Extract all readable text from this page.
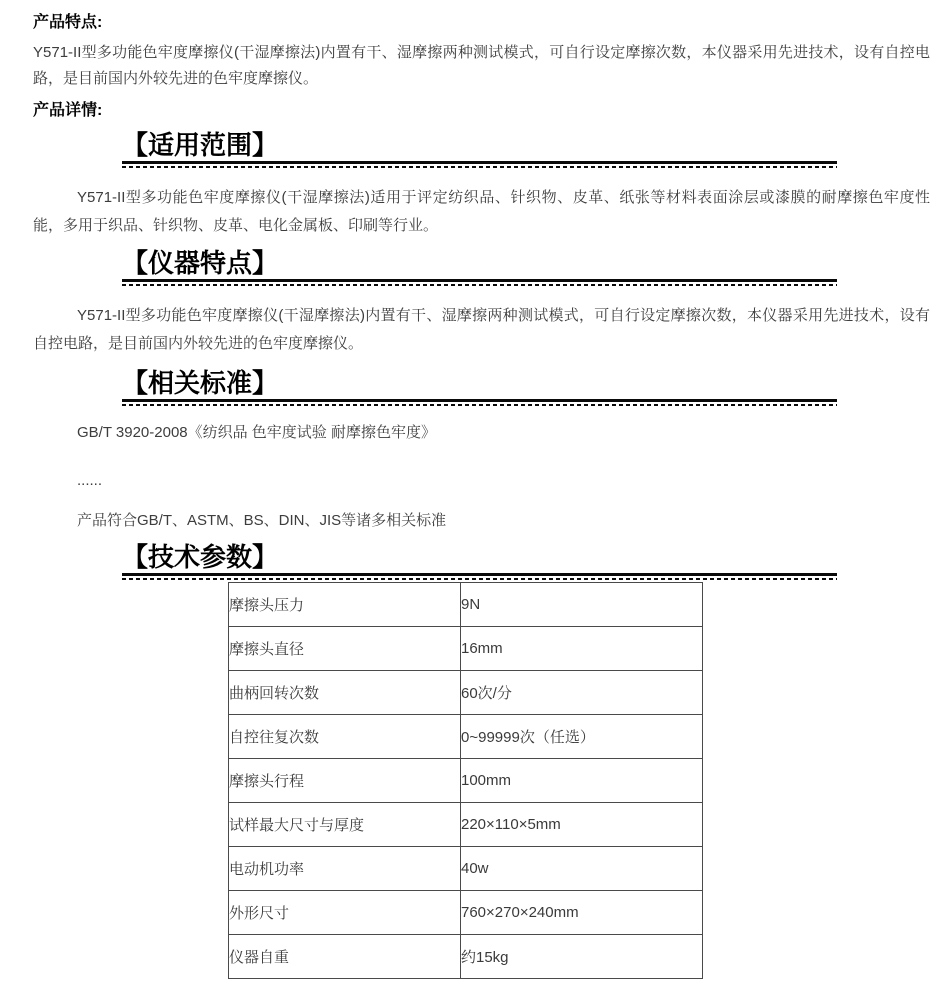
产品特点:

Y571-II型多功能色牢度摩擦仪(干湿摩擦法)内置有干、湿摩擦两种测试模式，可自行设定摩擦次数，本仪器采用先进技术，设有自控电路，是目前国内外较先进的色牢度摩擦仪。

产品详情:

【适用范围】

Y571-II型多功能色牢度摩擦仪(干湿摩擦法)适用于评定纺织品、针织物、皮革、纸张等材料表面涂层或漆膜的耐摩擦色牢度性能，多用于织品、针织物、皮革、电化金属板、印刷等行业。

【仪器特点】

Y571-II型多功能色牢度摩擦仪(干湿摩擦法)内置有干、湿摩擦两种测试模式，可自行设定摩擦次数，本仪器采用先进技术，设有自控电路，是目前国内外较先进的色牢度摩擦仪。

【相关标准】

GB/T 3920-2008《纺织品 色牢度试验 耐摩擦色牢度》

......

产品符合GB/T、ASTM、BS、DIN、JIS等诸多相关标准

【技术参数】
摩擦头压力	9N
摩擦头直径	16mm
曲柄回转次数	60次/分
自控往复次数	0~99999次（任选）
摩擦头行程	100mm
试样最大尺寸与厚度	220×110×5mm
电动机功率	40w
外形尺寸	760×270×240mm
仪器自重	约15kg
